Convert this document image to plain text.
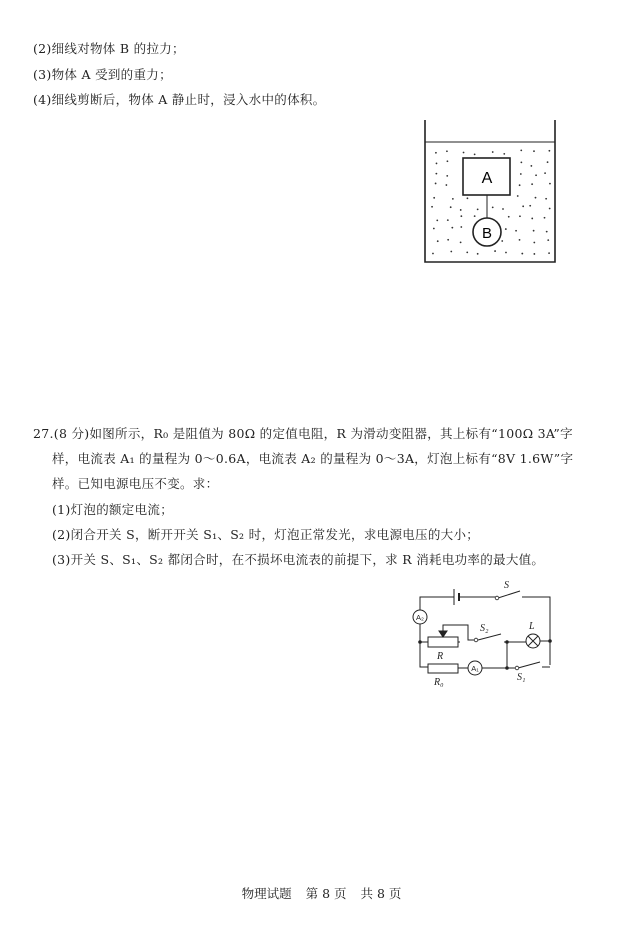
(2)细线对物体 B 的拉力；
(3)物体 A 受到的重力；
(4)细线剪断后，物体 A 静止时，浸入水中的体积。
A
B
27.(8 分)如图所示，R₀ 是阻值为 80Ω 的定值电阻，R 为滑动变阻器，其上标有“100Ω 3A”字
样，电流表 A₁ 的量程为 0～0.6A，电流表 A₂ 的量程为 0～3A，灯泡上标有“8V 1.6W”字
样。已知电源电压不变。求：
(1)灯泡的额定电流；
(2)闭合开关 S，断开开关 S₁、S₂ 时，灯泡正常发光，求电源电压的大小；
(3)开关 S、S₁、S₂ 都闭合时，在不损坏电流表的前提下，求 R 消耗电功率的最大值。
S
S₂	L
R
R₀	S₁
A₂
A₁
物理试题 第 8 页 共 8 页
